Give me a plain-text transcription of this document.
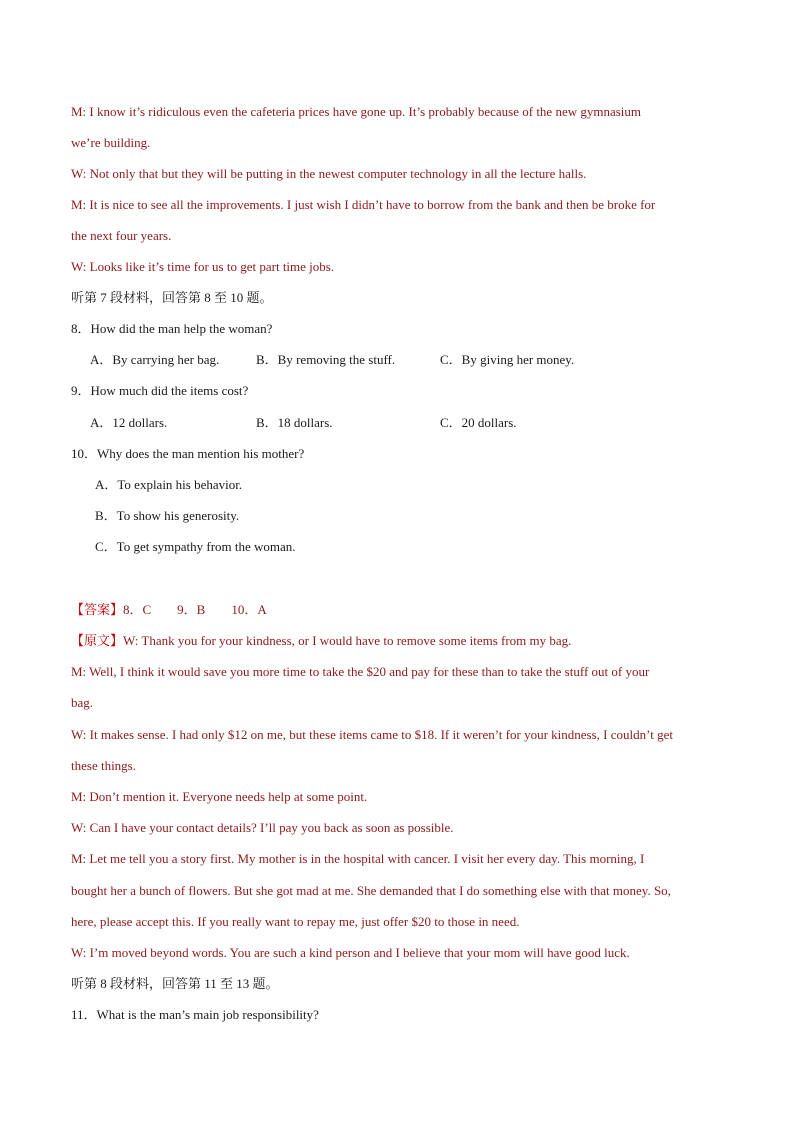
M: I know it’s ridiculous even the cafeteria prices have gone up. It’s probably because of the new gymnasium
we’re building.
W: Not only that but they will be putting in the newest computer technology in all the lecture halls.
M: It is nice to see all the improvements. I just wish I didn’t have to borrow from the bank and then be broke for
the next four years.
W: Looks like it’s time for us to get part time jobs.
听第 7 段材料，回答第 8 至 10 题。
8．How did the man help the woman?
A．By carrying her bag.	B．By removing the stuff.	C．By giving her money.
9．How much did the items cost?
A．12 dollars.	B．18 dollars.	C．20 dollars.
10．Why does the man mention his mother?
A．To explain his behavior.
B．To show his generosity.
C．To get sympathy from the woman.
【答案】8．C　　9．B　　10．A
【原文】W: Thank you for your kindness, or I would have to remove some items from my bag.
M: Well, I think it would save you more time to take the $20 and pay for these than to take the stuff out of your
bag.
W: It makes sense. I had only $12 on me, but these items came to $18. If it weren’t for your kindness, I couldn’t get
these things.
M: Don’t mention it. Everyone needs help at some point.
W: Can I have your contact details? I’ll pay you back as soon as possible.
M: Let me tell you a story first. My mother is in the hospital with cancer. I visit her every day. This morning, I
bought her a bunch of flowers. But she got mad at me. She demanded that I do something else with that money. So,
here, please accept this. If you really want to repay me, just offer $20 to those in need.
W: I’m moved beyond words. You are such a kind person and I believe that your mom will have good luck.
听第 8 段材料，回答第 11 至 13 题。
11．What is the man’s main job responsibility?
